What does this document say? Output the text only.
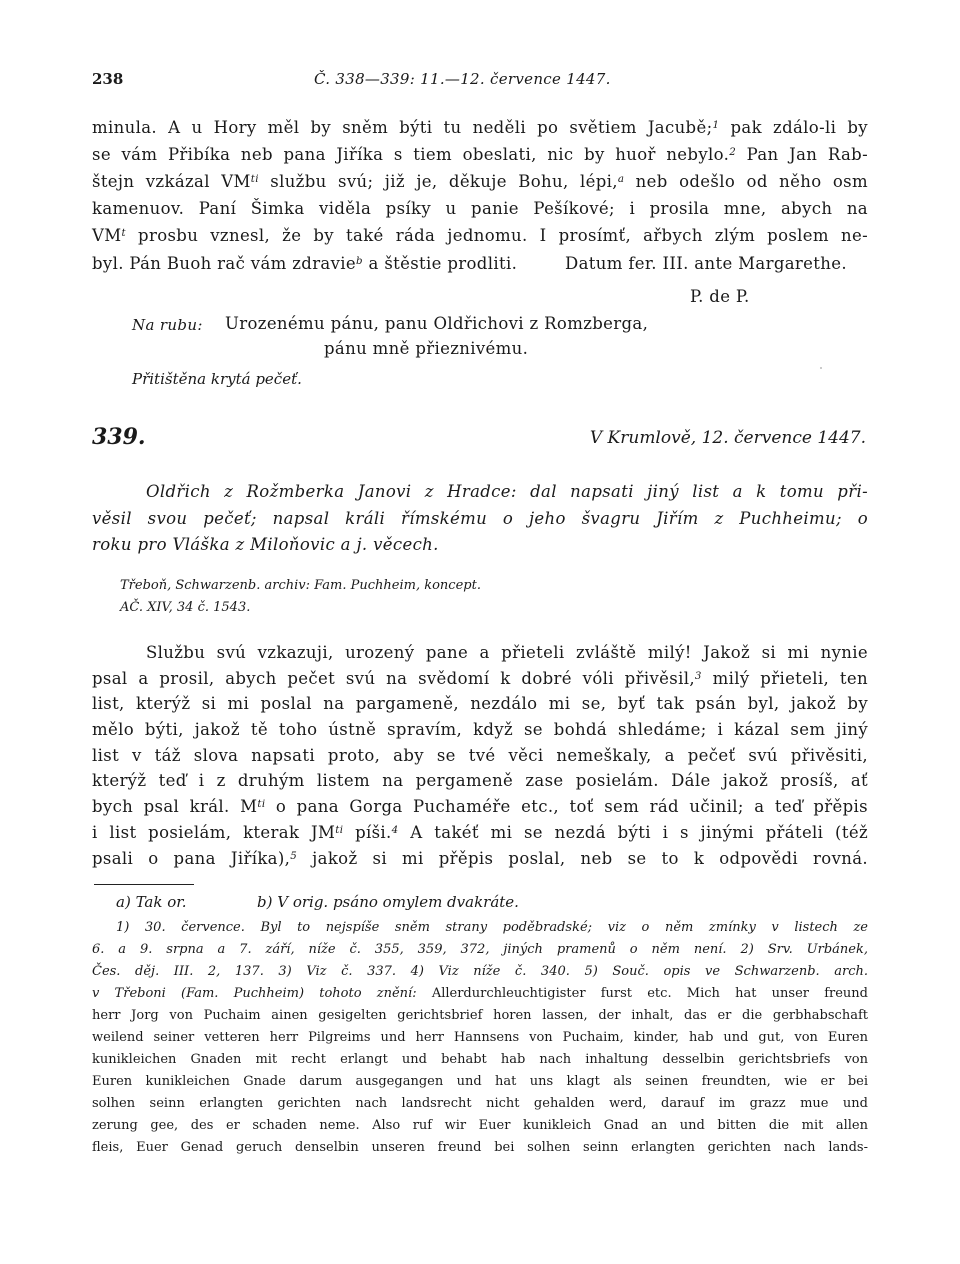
238	Č. 338—339: 11.—12. července 1447.
minula. A u Hory měl by sněm býti tu neděli po světiem Jacubě;$^1$ pak zdálo-li by
se vám Přibíka neb pana Jiříka s tiem obeslati, nic by huoř nebylo.$^2$ Pan Jan Rab-
štejn vzkázal $VM^{ti}$ službu svú; již je, děkuje Bohu, lépi,$^a$ neb odešlo od něho osm
kamenuov. Paní Šimka viděla psíky u panie Pešíkové; i prosila mne, abych na
$VM^t$ prosbu vznesl, že by také ráda jednomu. I prosímť, ařbych zlým poslem ne-
byl. Pán Buoh rač vám zdravie$^b$ a štěstie prodliti.	Datum fer. III. ante Margarethe.
P. de P.
Na rubu: Urozenému pánu, panu Oldřichovi z Romzberga,
pánu mně přieznivému.
Přitištěna krytá pečeť.
339.	V Krumlově, 12. července 1447.
Oldřich z Rožmberka Janovi z Hradce: dal napsati jiný list a k tomu při-
věsil svou pečeť; napsal králi římskému o jeho švagru Jiřím z Puchheimu; o
roku pro Vláška z Miloňovic a j. věcech.
Třeboň, Schwarzenb. archiv: Fam. Puchheim, koncept.
AČ. XIV, 34 č. 1543.
Službu svú vzkazuji, urozený pane a přieteli zvláště milý! Jakož si mi nynie
psal a prosil, abych pečet svú na svědomí k dobré vóli přivěsil,$^3$ milý přieteli, ten
list, kterýž si mi poslal na pargameně, nezdálo mi se, byť tak psán byl, jakož by
mělo býti, jakož tě toho ústně spravím, když se bohdá shledáme; i kázal sem jiný
list v táž slova napsati proto, aby se tvé věci nemeškaly, a pečeť svú přivěsiti,
kterýž teď i z druhým listem na pergameně zase posielám. Dále jakož prosíš, ať
bych psal král. $M^{ti}$ o pana Gorga Puchaméře etc., toť sem rád učinil; a teď přěpis
i list posielám, kterak $JM^{ti}$ píši.$^4$ A takéť mi se nezdá býti i s jinými přáteli (též
psali o pana Jiříka),$^5$ jakož si mi přěpis poslal, neb se to k odpovědi rovná.
a) Tak or.	b) V orig. psáno omylem dvakráte.
1) 30. července. Byl to nejspíše sněm strany poděbradské; viz o něm zmínky v listech ze
6. a 9. srpna a 7. září, níže č. 355, 359, 372, jiných pramenů o něm není. 2) Srv. Urbánek,
Čes. děj. III. 2, 137. 3) Viz č. 337. 4) Viz níže č. 340. 5) Souč. opis ve Schwarzenb. arch.
v Třeboni (Fam. Puchheim) tohoto znění: Allerdurchleuchtigister furst etc. Mich hat unser freund
herr Jorg von Puchaim ainen gesigelten gerichtsbrief horen lassen, der inhalt, das er die gerbhabschaft
weilend seiner vetteren herr Pilgreims und herr Hannsens von Puchaim, kinder, hab und gut, von Euren
kunikleichen Gnaden mit recht erlangt und behabt hab nach inhaltung desselbin gerichtsbriefs von
Euren kunikleichen Gnade darum ausgegangen und hat uns klagt als seinen freundten, wie er bei
solhen seinn erlangten gerichten nach landsrecht nicht gehalden werd, darauf im grazz mue und
zerung gee, des er schaden neme. Also ruf wir Euer kunikleich Gnad an und bitten die mit allen
fleis, Euer Genad geruch denselbin unseren freund bei solhen seinn erlangten gerichten nach lands-
